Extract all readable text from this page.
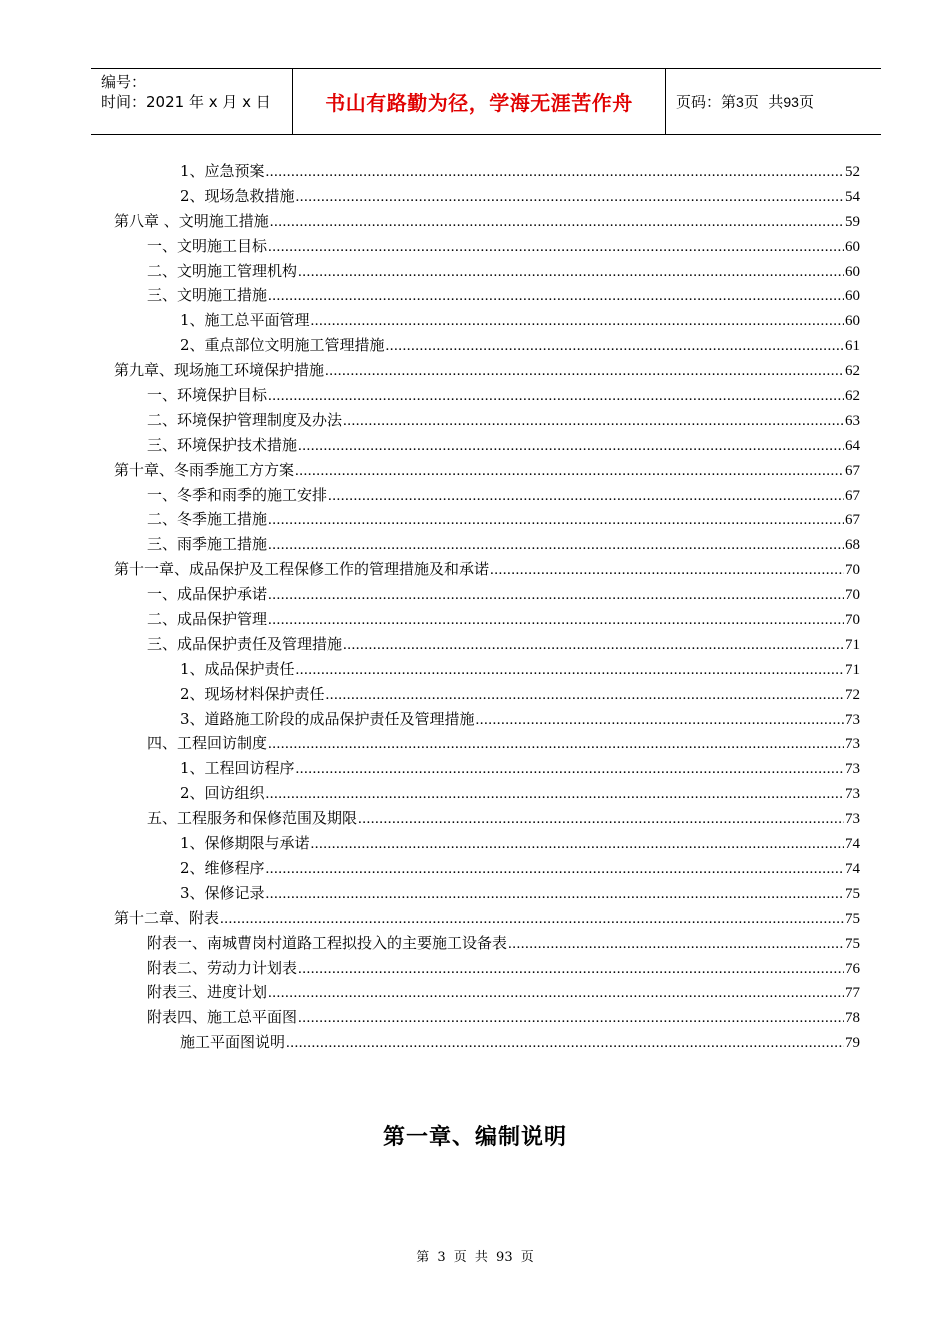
编号：
时间：2021 年 x 月 x 日	书山有路勤为径，学海无涯苦作舟	页码：第 3 页  共 93 页
1、应急预案 .....	52
2、现场急救措施 .....	54
第八章 、文明施工措施 .....	59
一、文明施工目标 .....	60
二、文明施工管理机构 .....	60
三、文明施工措施 .....	60
1、施工总平面管理 .....	60
2、重点部位文明施工管理措施 .....	61
第九章、现场施工环境保护措施 .....	62
一、环境保护目标 .....	62
二、环境保护管理制度及办法 .....	63
三、环境保护技术措施 .....	64
第十章、冬雨季施工方方案 .....	67
一、冬季和雨季的施工安排 .....	67
二、冬季施工措施 .....	67
三、雨季施工措施 .....	68
第十一章、成品保护及工程保修工作的管理措施及和承诺 .....	70
一、成品保护承诺 .....	70
二、成品保护管理 .....	70
三、成品保护责任及管理措施 .....	71
1、成品保护责任 .....	71
2、现场材料保护责任 .....	72
3、道路施工阶段的成品保护责任及管理措施 .....	73
四、工程回访制度 .....	73
1、工程回访程序 .....	73
2、回访组织 .....	73
五、工程服务和保修范围及期限 .....	73
1、保修期限与承诺 .....	74
2、维修程序 .....	74
3、保修记录 .....	75
第十二章、附表 .....	75
附表一、南城曹岗村道路工程拟投入的主要施工设备表 .....	75
附表二、劳动力计划表 .....	76
附表三、进度计划 .....	77
附表四、施工总平面图 .....	78
施工平面图说明 .....	79
第一章、编制说明
第 3 页 共 93 页
